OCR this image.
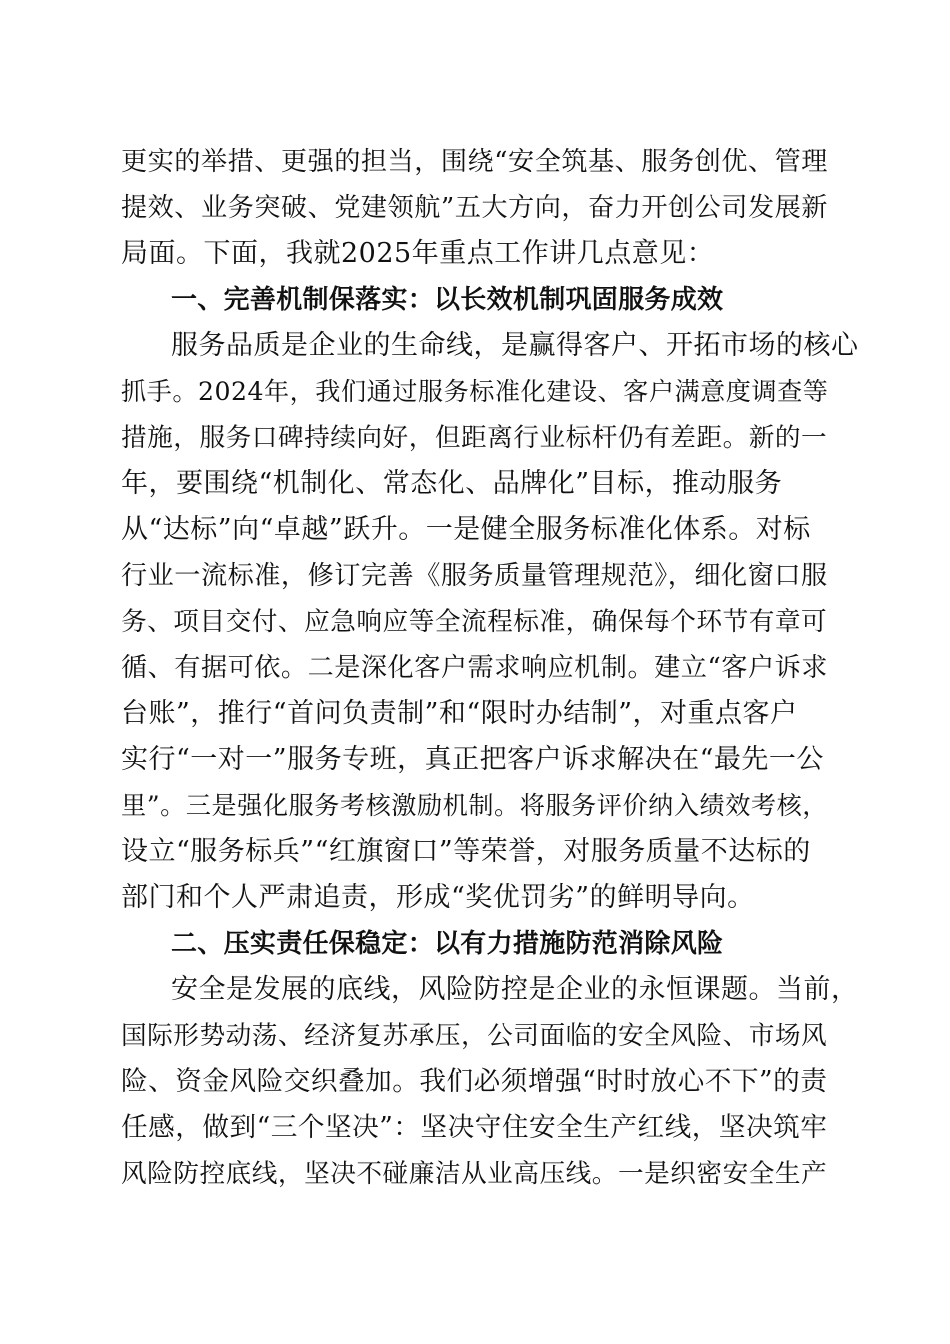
更实的举措、更强的担当，围绕“安全筑基、服务创优、管理
提效、业务突破、党建领航”五大方向，奋力开创公司发展新
局面。下面，我就2025年重点工作讲几点意见：
一、完善机制保落实：以长效机制巩固服务成效
服务品质是企业的生命线，是赢得客户、开拓市场的核心
抓手。2024年，我们通过服务标准化建设、客户满意度调查等
措施，服务口碑持续向好，但距离行业标杆仍有差距。新的一
年，要围绕“机制化、常态化、品牌化”目标，推动服务
从“达标”向“卓越”跃升。一是健全服务标准化体系。对标
行业一流标准，修订完善《服务质量管理规范》，细化窗口服
务、项目交付、应急响应等全流程标准，确保每个环节有章可
循、有据可依。二是深化客户需求响应机制。建立“客户诉求
台账”，推行“首问负责制”和“限时办结制”，对重点客户
实行“一对一”服务专班，真正把客户诉求解决在“最先一公
里”。三是强化服务考核激励机制。将服务评价纳入绩效考核，
设立“服务标兵”“红旗窗口”等荣誉，对服务质量不达标的
部门和个人严肃追责，形成“奖优罚劣”的鲜明导向。
二、压实责任保稳定：以有力措施防范消除风险
安全是发展的底线，风险防控是企业的永恒课题。当前，
国际形势动荡、经济复苏承压，公司面临的安全风险、市场风
险、资金风险交织叠加。我们必须增强“时时放心不下”的责
任感，做到“三个坚决”：坚决守住安全生产红线，坚决筑牢
风险防控底线，坚决不碰廉洁从业高压线。一是织密安全生产
